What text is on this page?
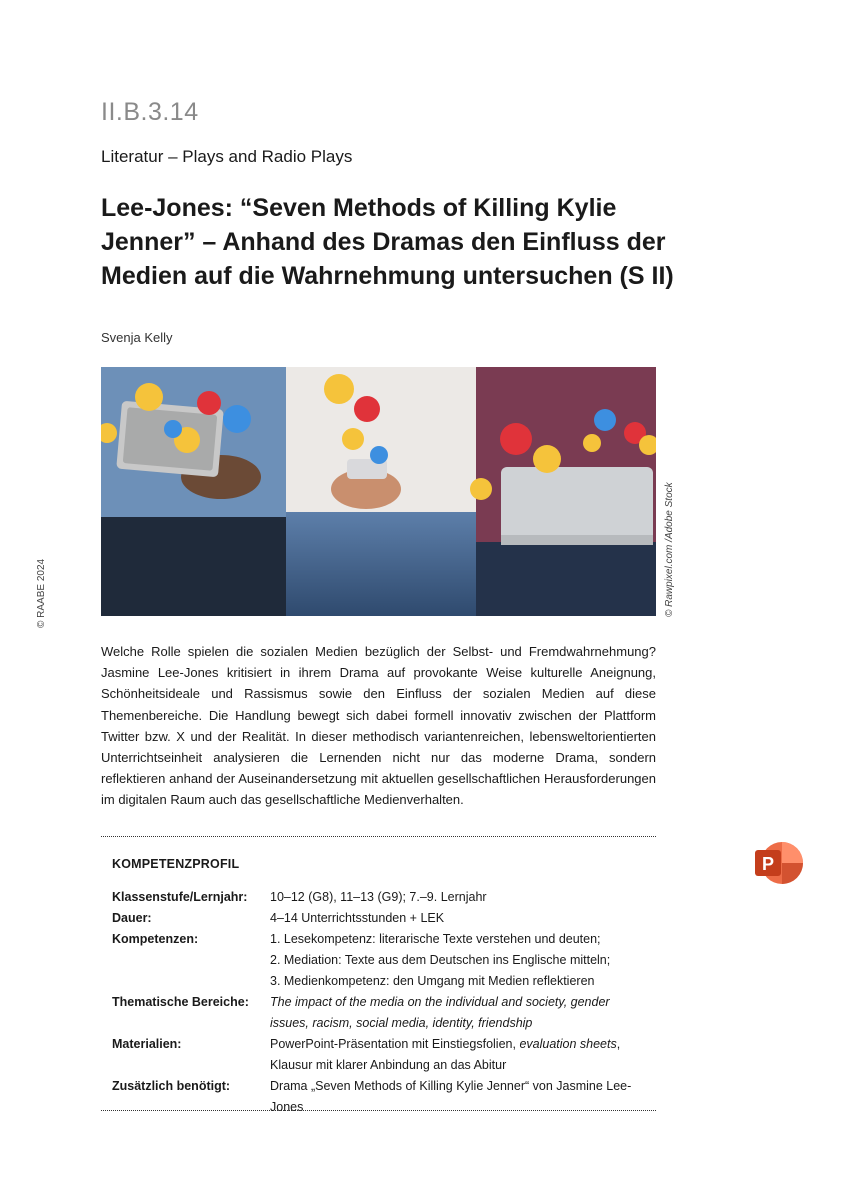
II.B.3.14
Literatur – Plays and Radio Plays
Lee-Jones: “Seven Methods of Killing Kylie
Jenner” – Anhand des Dramas den Einfluss der
Medien auf die Wahrnehmung untersuchen (S II)
Svenja Kelly
© Rawpixel.com /Adobe Stock
© RAABE 2024

Welche Rolle spielen die sozialen Medien bezüglich der Selbst- und Fremdwahrnehmung? Jasmine Lee-Jones kritisiert in ihrem Drama auf provokante Weise kulturelle Aneignung, Schönheitsideale und Rassismus sowie den Einfluss der sozialen Medien auf diese Themenbereiche. Die Handlung bewegt sich dabei formell innovativ zwischen der Plattform Twitter bzw. X und der Realität. In dieser methodisch variantenreichen, lebensweltorientierten Unterrichtseinheit analysieren die Lernenden nicht nur das moderne Drama, sondern reflektieren anhand der Auseinandersetzung mit aktuellen gesellschaftlichen Herausforderungen im digitalen Raum auch das gesellschaftliche Medienverhalten.

KOMPETENZPROFIL
Klassenstufe/Lernjahr:	10–12 (G8), 11–13 (G9); 7.–9. Lernjahr
Dauer:	4–14 Unterrichtsstunden + LEK
Kompetenzen:	1. Lesekompetenz: literarische Texte verstehen und deuten;
2. Mediation: Texte aus dem Deutschen ins Englische mitteln;
3. Medienkompetenz: den Umgang mit Medien reflektieren
Thematische Bereiche:	The impact of the media on the individual and society, gender
issues, racism, social media, identity, friendship
Materialien:	PowerPoint-Präsentation mit Einstiegsfolien, evaluation sheets,
Klausur mit klarer Anbindung an das Abitur
Zusätzlich benötigt:	Drama „Seven Methods of Killing Kylie Jenner“ von Jasmine Lee-Jones
P
